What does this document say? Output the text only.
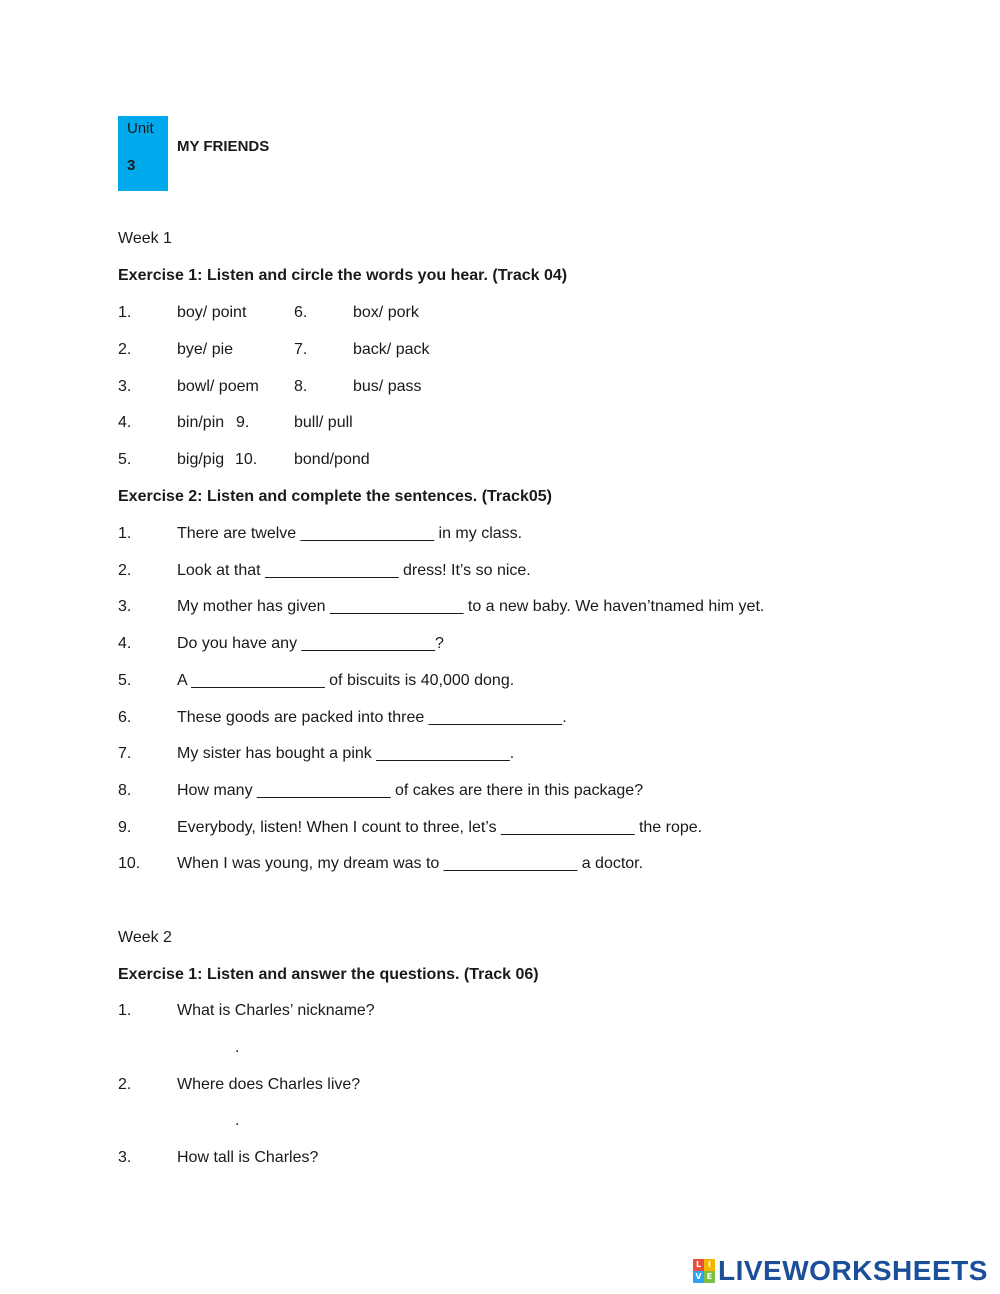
Unit
3
MY FRIENDS
Week 1
Exercise 1: Listen and circle the words you hear. (Track 04)
1.	boy/ point	6.	box/ pork
2.	bye/ pie	7.	back/ pack
3.	bowl/ poem 8.	bus/ pass
4.	bin/pin 9.	bull/ pull
5.	big/pig 10. bond/pond
Exercise 2: Listen and complete the sentences. (Track05)
1.	There are twelve _______________ in my class.
2.	Look at that _______________ dress! It’s so nice.
3.	My mother has given _______________ to a new baby. We haven’tnamed him yet.
4.	Do you have any _______________?
5.	A _______________ of biscuits is 40,000 dong.
6.	These goods are packed into three _______________.
7.	My sister has bought a pink _______________.
8.	How many _______________ of cakes are there in this package?
9.	Everybody, listen! When I count to three, let’s _______________ the rope.
10. When I was young, my dream was to _______________ a doctor.
Week 2
Exercise 1: Listen and answer the questions. (Track 06)
1.	What is Charles’ nickname?
.
2.	Where does Charles live?
.
3.	How tall is Charles?
L I
V E LIVEWORKSHEETS
